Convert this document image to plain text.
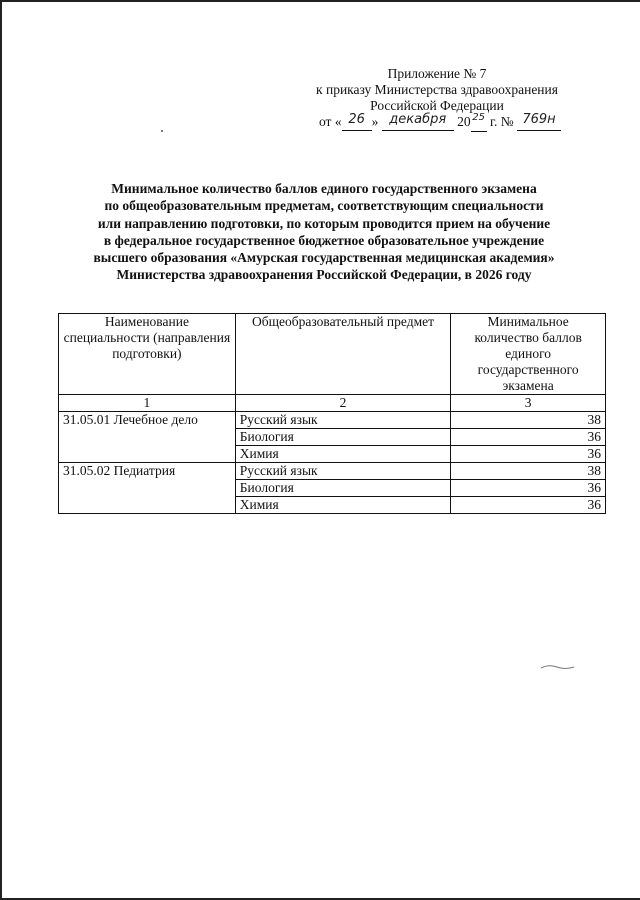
Приложение № 7
к приказу Министерства здравоохранения
Российской Федерации
от « 26 » декабря 20 $^{25}$ г. № 769н
Минимальное количество баллов единого государственного экзамена
по общеобразовательным предметам, соответствующим специальности
или направлению подготовки, по которым проводится прием на обучение
в федеральное государственное бюджетное образовательное учреждение
высшего образования «Амурская государственная медицинская академия»
Министерства здравоохранения Российской Федерации, в 2026 году
Наименование специальности (направления подготовки)	Общеобразовательный предмет	Минимальное количество баллов единого государственного экзамена
1	2	3
31.05.01 Лечебное дело	Русский язык	38
	Биология	36
	Химия	36
31.05.02 Педиатрия	Русский язык	38
	Биология	36
	Химия	36
